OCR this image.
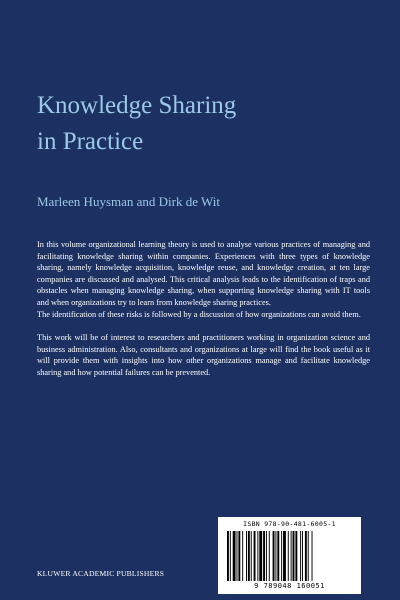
Knowledge Sharing
in Practice

Marleen Huysman and Dirk de Wit

In this volume organizational learning theory is used to analyse various practices of managing and facilitating knowledge sharing within companies. Experiences with three types of knowledge sharing, namely knowledge acquisition, knowledge reuse, and knowledge creation, at ten large companies are discussed and analysed. This critical analysis leads to the identification of traps and obstacles when managing knowledge sharing, when supporting knowledge sharing with IT tools and when organizations try to learn from knowledge sharing practices.

The identification of these risks is followed by a discussion of how organizations can avoid them.

This work will be of interest to researchers and practitioners working in organization science and business administration. Also, consultants and organizations at large will find the book useful as it will provide them with insights into how other organizations manage and facilitate knowledge sharing and how potential failures can be prevented.

KLUWER ACADEMIC PUBLISHERS
ISBN 978-90-481-6005-1
9 789048 160051
